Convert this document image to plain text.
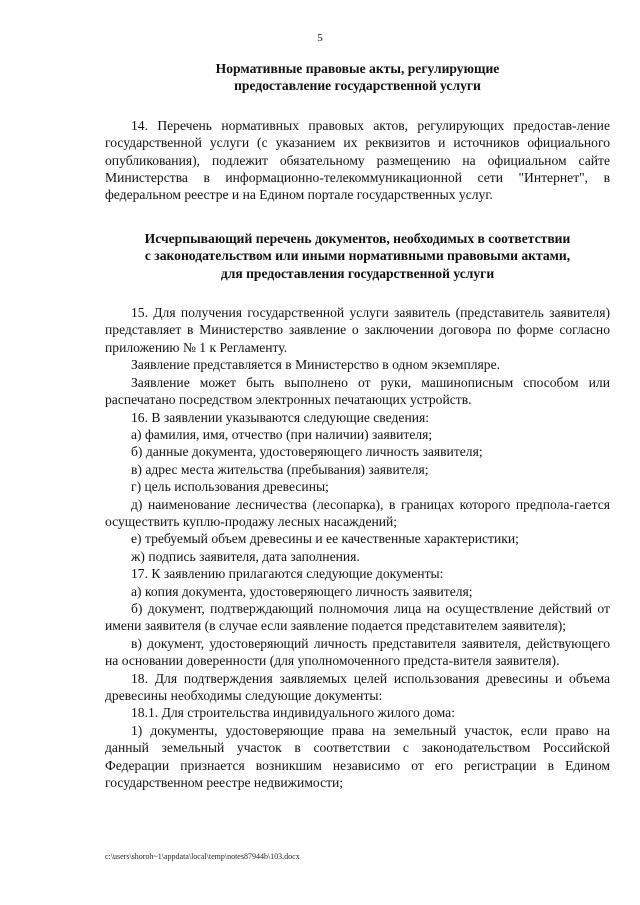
5
Нормативные правовые акты, регулирующие
предоставление государственной услуги

14. Перечень нормативных правовых актов, регулирующих предостав-ление государственной услуги (с указанием их реквизитов и источников официального опубликования), подлежит обязательному размещению на официальном сайте Министерства в информационно-телекоммуникационной сети "Интернет", в федеральном реестре и на Едином портале государственных услуг.

Исчерпывающий перечень документов, необходимых в соответствии
с законодательством или иными нормативными правовыми актами,
для предоставления государственной услуги

15. Для получения государственной услуги заявитель (представитель заявителя) представляет в Министерство заявление о заключении договора по форме согласно приложению № 1 к Регламенту.

Заявление представляется в Министерство в одном экземпляре.

Заявление может быть выполнено от руки, машинописным способом или распечатано посредством электронных печатающих устройств.

16. В заявлении указываются следующие сведения:

а) фамилия, имя, отчество (при наличии) заявителя;

б) данные документа, удостоверяющего личность заявителя;

в) адрес места жительства (пребывания) заявителя;

г) цель использования древесины;

д) наименование лесничества (лесопарка), в границах которого предпола-гается осуществить куплю-продажу лесных насаждений;

е) требуемый объем древесины и ее качественные характеристики;

ж) подпись заявителя, дата заполнения.

17. К заявлению прилагаются следующие документы:

а) копия документа, удостоверяющего личность заявителя;

б) документ, подтверждающий полномочия лица на осуществление действий от имени заявителя (в случае если заявление подается представителем заявителя);

в) документ, удостоверяющий личность представителя заявителя, действующего на основании доверенности (для уполномоченного предста-вителя заявителя).

18. Для подтверждения заявляемых целей использования древесины и объема древесины необходимы следующие документы:

18.1. Для строительства индивидуального жилого дома:

1) документы, удостоверяющие права на земельный участок, если право на данный земельный участок в соответствии с законодательством Российской Федерации признается возникшим независимо от его регистрации в Едином государственном реестре недвижимости;

c:\users\shoroh~1\appdata\local\temp\notes87944b\103.docx
